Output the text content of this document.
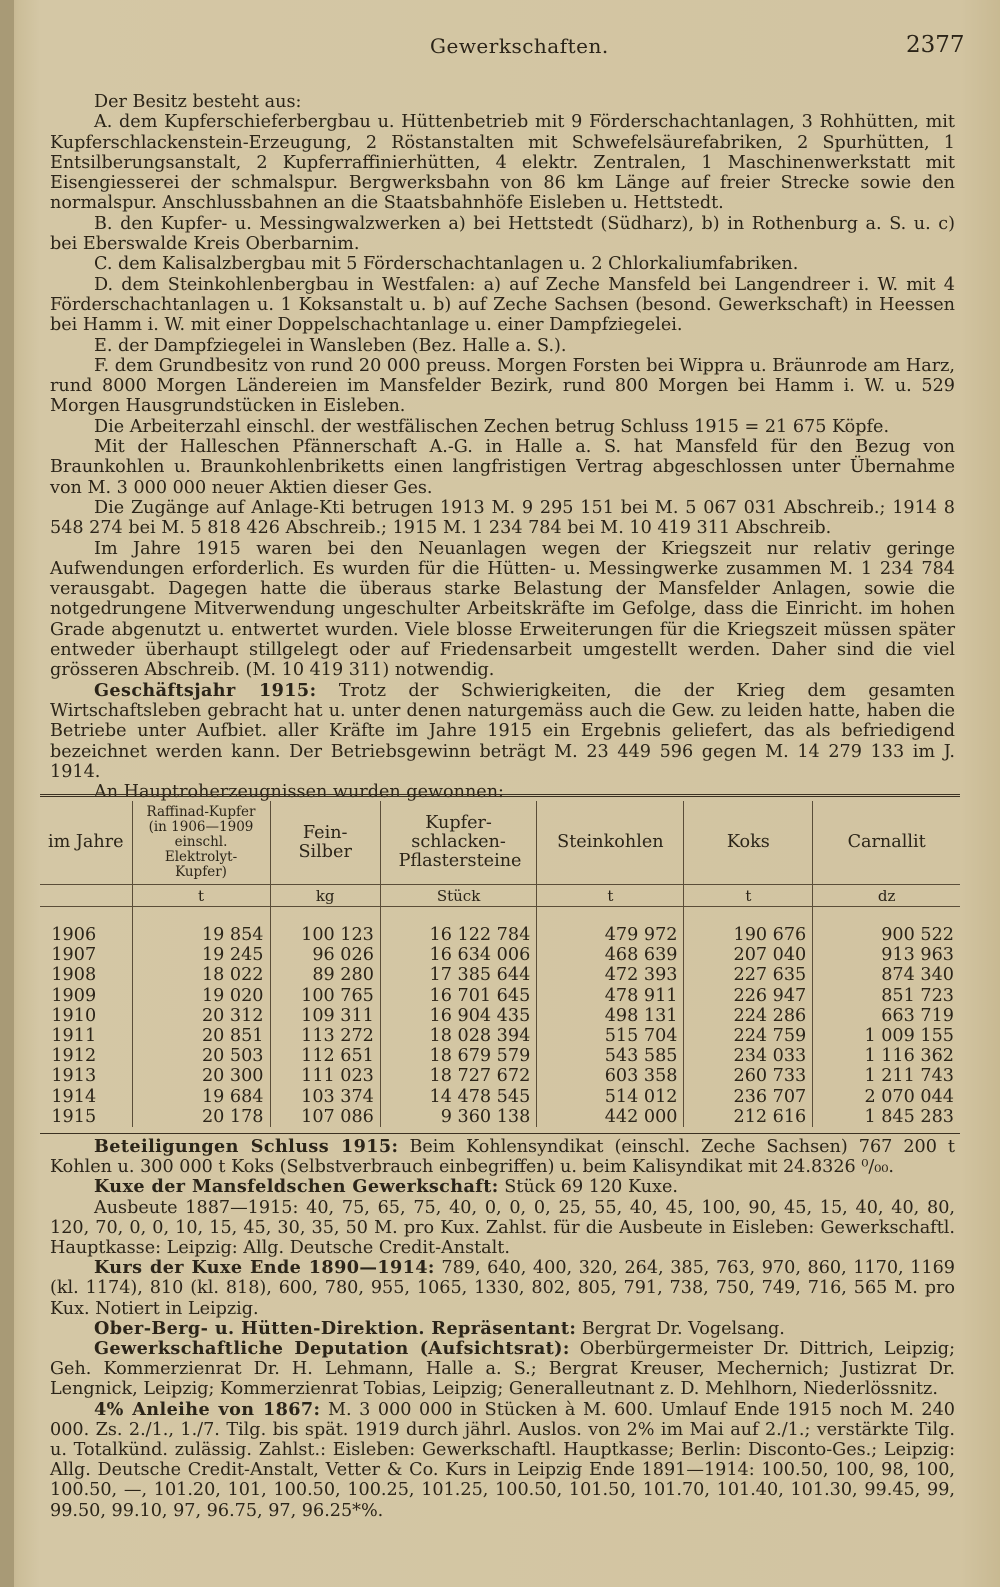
Gewerkschaften.	2377

Der Besitz besteht aus:

A. dem Kupferschieferbergbau u. Hüttenbetrieb mit 9 Förderschachtanlagen, 3 Rohhütten, mit Kupferschlackenstein-Erzeugung, 2 Röstanstalten mit Schwefelsäurefabriken, 2 Spurhütten, 1 Entsilberungsanstalt, 2 Kupferraffinierhütten, 4 elektr. Zentralen, 1 Maschinenwerkstatt mit Eisengiesserei der schmalspur. Bergwerksbahn von 86 km Länge auf freier Strecke sowie den normalspur. Anschlussbahnen an die Staatsbahnhöfe Eisleben u. Hettstedt.

B. den Kupfer- u. Messingwalzwerken a) bei Hettstedt (Südharz), b) in Rothenburg a. S. u. c) bei Eberswalde Kreis Oberbarnim.

C. dem Kalisalzbergbau mit 5 Förderschachtanlagen u. 2 Chlorkaliumfabriken.

D. dem Steinkohlenbergbau in Westfalen: a) auf Zeche Mansfeld bei Langendreer i. W. mit 4 Förderschachtanlagen u. 1 Koksanstalt u. b) auf Zeche Sachsen (besond. Gewerkschaft) in Heessen bei Hamm i. W. mit einer Doppelschachtanlage u. einer Dampfziegelei.

E. der Dampfziegelei in Wansleben (Bez. Halle a. S.).

F. dem Grundbesitz von rund 20 000 preuss. Morgen Forsten bei Wippra u. Bräunrode am Harz, rund 8000 Morgen Ländereien im Mansfelder Bezirk, rund 800 Morgen bei Hamm i. W. u. 529 Morgen Hausgrundstücken in Eisleben.

Die Arbeiterzahl einschl. der westfälischen Zechen betrug Schluss 1915 = 21 675 Köpfe.

Mit der Halleschen Pfännerschaft A.-G. in Halle a. S. hat Mansfeld für den Bezug von Braunkohlen u. Braunkohlenbriketts einen langfristigen Vertrag abgeschlossen unter Übernahme von M. 3 000 000 neuer Aktien dieser Ges.

Die Zugänge auf Anlage-Kti betrugen 1913 M. 9 295 151 bei M. 5 067 031 Abschreib.; 1914 8 548 274 bei M. 5 818 426 Abschreib.; 1915 M. 1 234 784 bei M. 10 419 311 Abschreib.

Im Jahre 1915 waren bei den Neuanlagen wegen der Kriegszeit nur relativ geringe Aufwendungen erforderlich. Es wurden für die Hütten- u. Messingwerke zusammen M. 1 234 784 verausgabt. Dagegen hatte die überaus starke Belastung der Mansfelder Anlagen, sowie die notgedrungene Mitverwendung ungeschulter Arbeitskräfte im Gefolge, dass die Einricht. im hohen Grade abgenutzt u. entwertet wurden. Viele blosse Erweiterungen für die Kriegszeit müssen später entweder überhaupt stillgelegt oder auf Friedensarbeit umgestellt werden. Daher sind die viel grösseren Abschreib. (M. 10 419 311) notwendig.

Geschäftsjahr 1915: Trotz der Schwierigkeiten, die der Krieg dem gesamten Wirtschaftsleben gebracht hat u. unter denen naturgemäss auch die Gew. zu leiden hatte, haben die Betriebe unter Aufbiet. aller Kräfte im Jahre 1915 ein Ergebnis geliefert, das als befriedigend bezeichnet werden kann. Der Betriebsgewinn beträgt M. 23 449 596 gegen M. 14 279 133 im J. 1914.

An Hauptroherzeugnissen wurden gewonnen:

im Jahre	Raffinad-Kupfer (in 1906—1909 einschl. Elektrolyt-Kupfer)	Fein-Silber	Kupfer-schlacken-Pflastersteine	Steinkohlen	Koks	Carnallit
	t	kg	Stück	t	t	dz

1906	19 854	100 123	16 122 784	479 972	190 676	900 522
1907	19 245	96 026	16 634 006	468 639	207 040	913 963
1908	18 022	89 280	17 385 644	472 393	227 635	874 340
1909	19 020	100 765	16 701 645	478 911	226 947	851 723
1910	20 312	109 311	16 904 435	498 131	224 286	663 719
1911	20 851	113 272	18 028 394	515 704	224 759	1 009 155
1912	20 503	112 651	18 679 579	543 585	234 033	1 116 362
1913	20 300	111 023	18 727 672	603 358	260 733	1 211 743
1914	19 684	103 374	14 478 545	514 012	236 707	2 070 044
1915	20 178	107 086	9 360 138	442 000	212 616	1 845 283

Beteiligungen Schluss 1915: Beim Kohlensyndikat (einschl. Zeche Sachsen) 767 200 t Kohlen u. 300 000 t Koks (Selbstverbrauch einbegriffen) u. beim Kalisyndikat mit 24.8326 ⁰/₀₀.

Kuxe der Mansfeldschen Gewerkschaft: Stück 69 120 Kuxe.

Ausbeute 1887—1915: 40, 75, 65, 75, 40, 0, 0, 0, 25, 55, 40, 45, 100, 90, 45, 15, 40, 40, 80, 120, 70, 0, 0, 10, 15, 45, 30, 35, 50 M. pro Kux. Zahlst. für die Ausbeute in Eisleben: Gewerkschaftl. Hauptkasse: Leipzig: Allg. Deutsche Credit-Anstalt.

Kurs der Kuxe Ende 1890—1914: 789, 640, 400, 320, 264, 385, 763, 970, 860, 1170, 1169 (kl. 1174), 810 (kl. 818), 600, 780, 955, 1065, 1330, 802, 805, 791, 738, 750, 749, 716, 565 M. pro Kux. Notiert in Leipzig.

Ober-Berg- u. Hütten-Direktion. Repräsentant: Bergrat Dr. Vogelsang.

Gewerkschaftliche Deputation (Aufsichtsrat): Oberbürgermeister Dr. Dittrich, Leipzig; Geh. Kommerzienrat Dr. H. Lehmann, Halle a. S.; Bergrat Kreuser, Mechernich; Justizrat Dr. Lengnick, Leipzig; Kommerzienrat Tobias, Leipzig; Generalleutnant z. D. Mehlhorn, Niederlössnitz.

4% Anleihe von 1867: M. 3 000 000 in Stücken à M. 600. Umlauf Ende 1915 noch M. 240 000. Zs. 2./1., 1./7. Tilg. bis spät. 1919 durch jährl. Auslos. von 2% im Mai auf 2./1.; verstärkte Tilg. u. Totalkünd. zulässig. Zahlst.: Eisleben: Gewerkschaftl. Hauptkasse; Berlin: Disconto-Ges.; Leipzig: Allg. Deutsche Credit-Anstalt, Vetter & Co. Kurs in Leipzig Ende 1891—1914: 100.50, 100, 98, 100, 100.50, —, 101.20, 101, 100.50, 100.25, 101.25, 100.50, 101.50, 101.70, 101.40, 101.30, 99.45, 99, 99.50, 99.10, 97, 96.75, 97, 96.25*%.
